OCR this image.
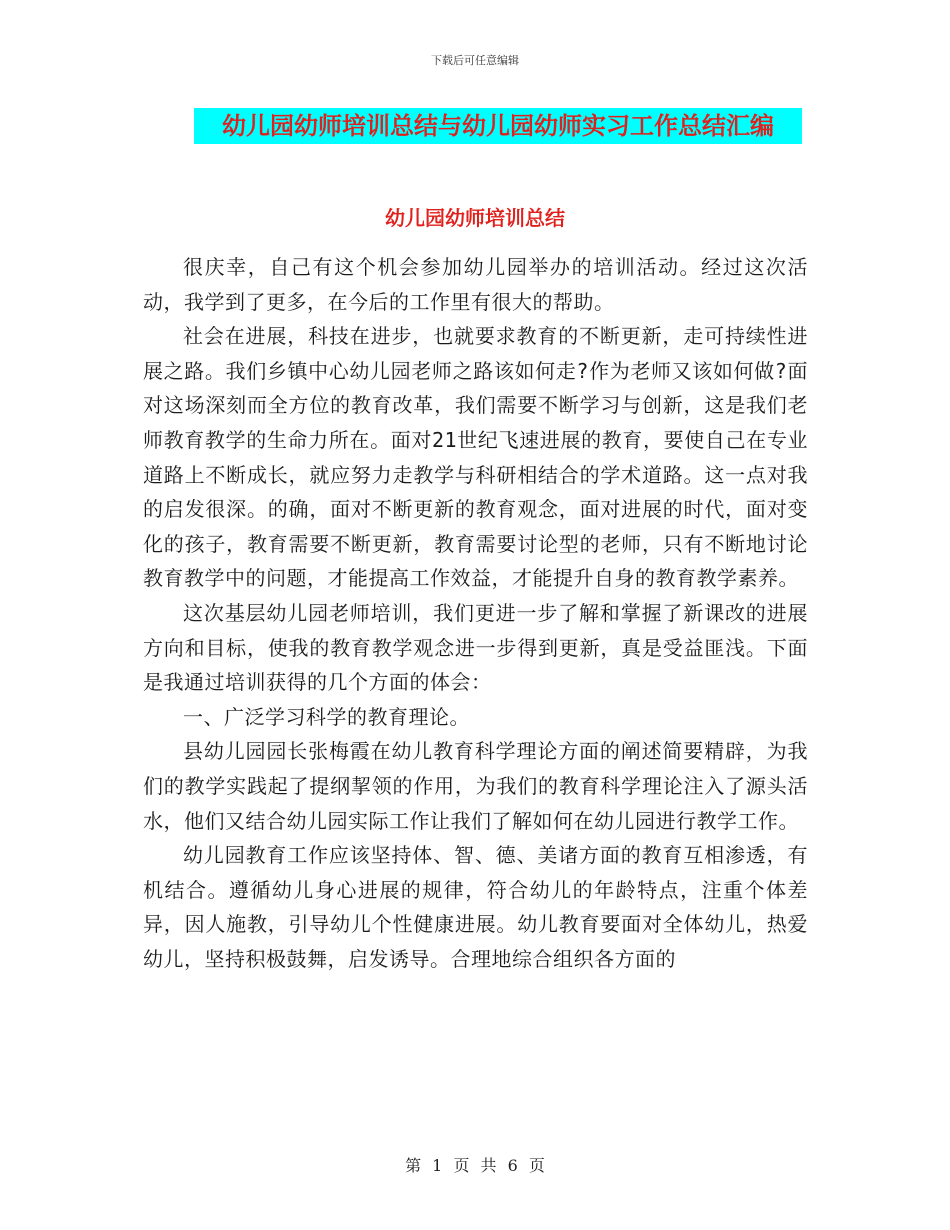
下载后可任意编辑
幼儿园幼师培训总结与幼儿园幼师实习工作总结汇编
幼儿园幼师培训总结

很庆幸，自己有这个机会参加幼儿园举办的培训活动。经过这次活动，我学到了更多，在今后的工作里有很大的帮助。

社会在进展，科技在进步，也就要求教育的不断更新，走可持续性进展之路。我们乡镇中心幼儿园老师之路该如何走?作为老师又该如何做?面对这场深刻而全方位的教育改革，我们需要不断学习与创新，这是我们老师教育教学的生命力所在。面对21世纪飞速进展的教育，要使自己在专业道路上不断成长，就应努力走教学与科研相结合的学术道路。这一点对我的启发很深。的确，面对不断更新的教育观念，面对进展的时代，面对变化的孩子，教育需要不断更新，教育需要讨论型的老师，只有不断地讨论教育教学中的问题，才能提高工作效益，才能提升自身的教育教学素养。

这次基层幼儿园老师培训，我们更进一步了解和掌握了新课改的进展方向和目标，使我的教育教学观念进一步得到更新，真是受益匪浅。下面是我通过培训获得的几个方面的体会：

一、广泛学习科学的教育理论。

县幼儿园园长张梅霞在幼儿教育科学理论方面的阐述简要精辟，为我们的教学实践起了提纲挈领的作用，为我们的教育科学理论注入了源头活水，他们又结合幼儿园实际工作让我们了解如何在幼儿园进行教学工作。

幼儿园教育工作应该坚持体、智、德、美诸方面的教育互相渗透，有机结合。遵循幼儿身心进展的规律，符合幼儿的年龄特点，注重个体差异，因人施教，引导幼儿个性健康进展。幼儿教育要面对全体幼儿，热爱幼儿，坚持积极鼓舞，启发诱导。合理地综合组织各方面的

第 1 页 共 6 页
